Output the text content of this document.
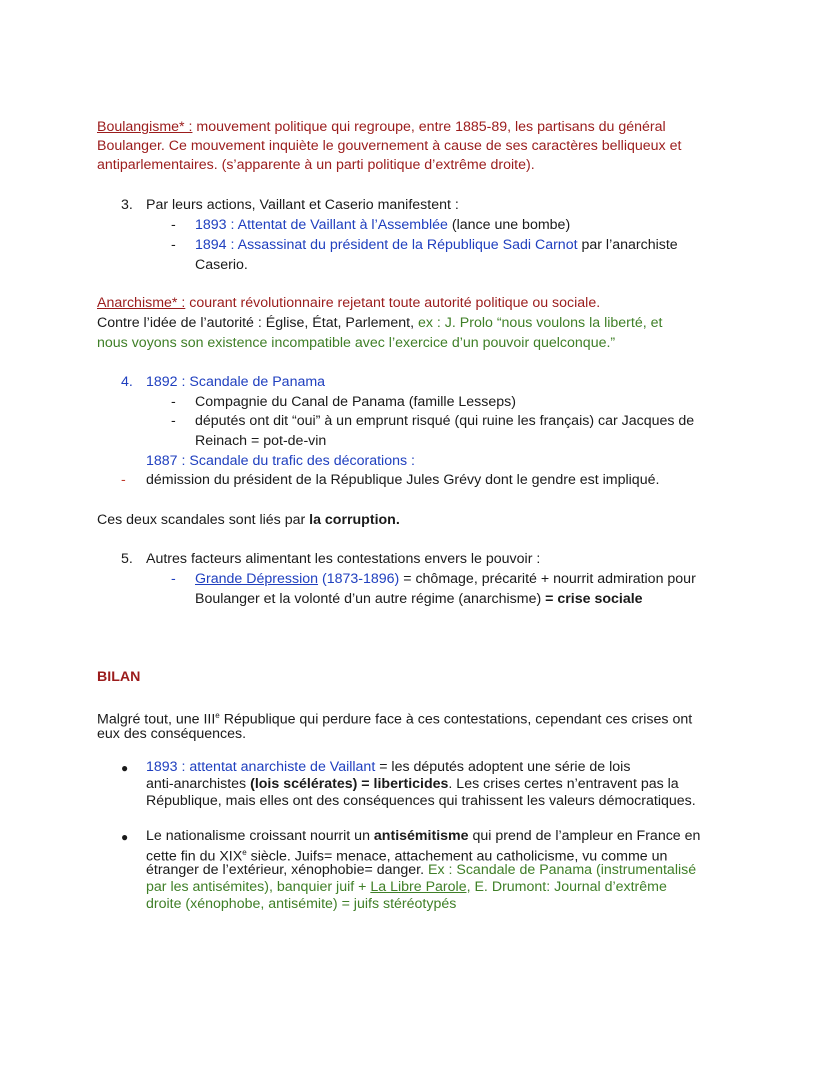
Boulangisme* : mouvement politique qui regroupe, entre 1885-89, les partisans du général
Boulanger. Ce mouvement inquiète le gouvernement à cause de ses caractères belliqueux et
antiparlementaires. (s’apparente à un parti politique d’extrême droite).
3. Par leurs actions, Vaillant et Caserio manifestent :
- 1893 : Attentat de Vaillant à l’Assemblée (lance une bombe)
- 1894 : Assassinat du président de la République Sadi Carnot par l’anarchiste
Caserio.
Anarchisme* : courant révolutionnaire rejetant toute autorité politique ou sociale.
Contre l’idée de l’autorité : Église, État, Parlement, ex : J. Prolo “nous voulons la liberté, et
nous voyons son existence incompatible avec l’exercice d’un pouvoir quelconque.”
4. 1892 : Scandale de Panama
- Compagnie du Canal de Panama (famille Lesseps)
- députés ont dit “oui” à un emprunt risqué (qui ruine les français) car Jacques de
Reinach = pot-de-vin
1887 : Scandale du trafic des décorations :
- démission du président de la République Jules Grévy dont le gendre est impliqué.
Ces deux scandales sont liés par la corruption.
5. Autres facteurs alimentant les contestations envers le pouvoir :
- Grande Dépression (1873-1896) = chômage, précarité + nourrit admiration pour
Boulanger et la volonté d’un autre régime (anarchisme) = crise sociale
BILAN
Malgré tout, une IIIe République qui perdure face à ces contestations, cependant ces crises ont
eux des conséquences.
● 1893 : attentat anarchiste de Vaillant = les députés adoptent une série de lois
anti-anarchistes (lois scélérates) = liberticides. Les crises certes n’entravent pas la
République, mais elles ont des conséquences qui trahissent les valeurs démocratiques.
● Le nationalisme croissant nourrit un antisémitisme qui prend de l’ampleur en France en
cette fin du XIXe siècle. Juifs= menace, attachement au catholicisme, vu comme un
étranger de l’extérieur, xénophobie= danger. Ex : Scandale de Panama (instrumentalisé
par les antisémites), banquier juif + La Libre Parole, E. Drumont: Journal d’extrême
droite (xénophobe, antisémite) = juifs stéréotypés
